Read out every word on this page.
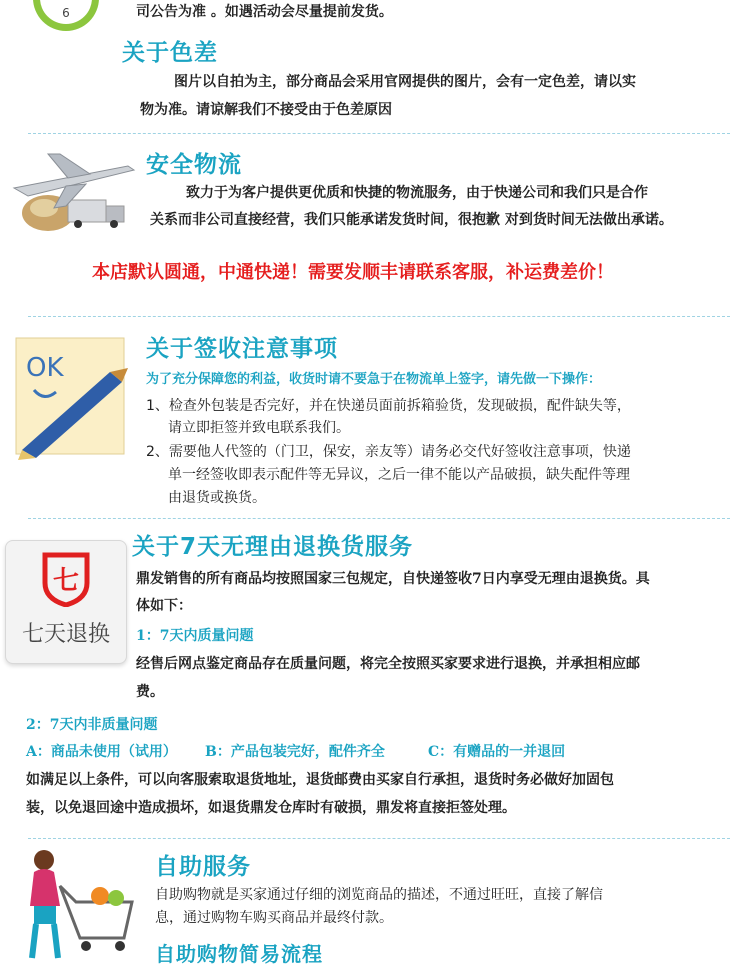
6	司公告为准 。如遇活动会尽量提前发货。
关于色差
图片以自拍为主，部分商品会采用官网提供的图片，会有一定色差，请以实
物为准。请谅解我们不接受由于色差原因
安全物流
致力于为客户提供更优质和快捷的物流服务，由于快递公司和我们只是合作
关系而非公司直接经营，我们只能承诺发货时间，很抱歉 对到货时间无法做出承诺。
本店默认圆通，中通快递！需要发顺丰请联系客服，补运费差价！
OK
关于签收注意事项
为了充分保障您的利益，收货时请不要急于在物流单上签字，请先做一下操作：
1、检查外包装是否完好，并在快递员面前拆箱验货，发现破损，配件缺失等，
请立即拒签并致电联系我们。
2、需要他人代签的（门卫，保安，亲友等）请务必交代好签收注意事项，快递
单一经签收即表示配件等无异议，之后一律不能以产品破损，缺失配件等理
由退货或换货。
七
七天退换
关于7天无理由退换货服务
鼎发销售的所有商品均按照国家三包规定，自快递签收7日内享受无理由退换货。具
体如下：
1：7天内质量问题
经售后网点鉴定商品存在质量问题，将完全按照买家要求进行退换，并承担相应邮
费。
2：7天内非质量问题
A：商品未使用（试用） B：产品包装完好，配件齐全	C：有赠品的一并退回
如满足以上条件，可以向客服索取退货地址，退货邮费由买家自行承担，退货时务必做好加固包
装，以免退回途中造成损坏，如退货鼎发仓库时有破损，鼎发将直接拒签处理。
自助服务
自助购物就是买家通过仔细的浏览商品的描述，不通过旺旺，直接了解信
息，通过购物车购买商品并最终付款。
自助购物简易流程
